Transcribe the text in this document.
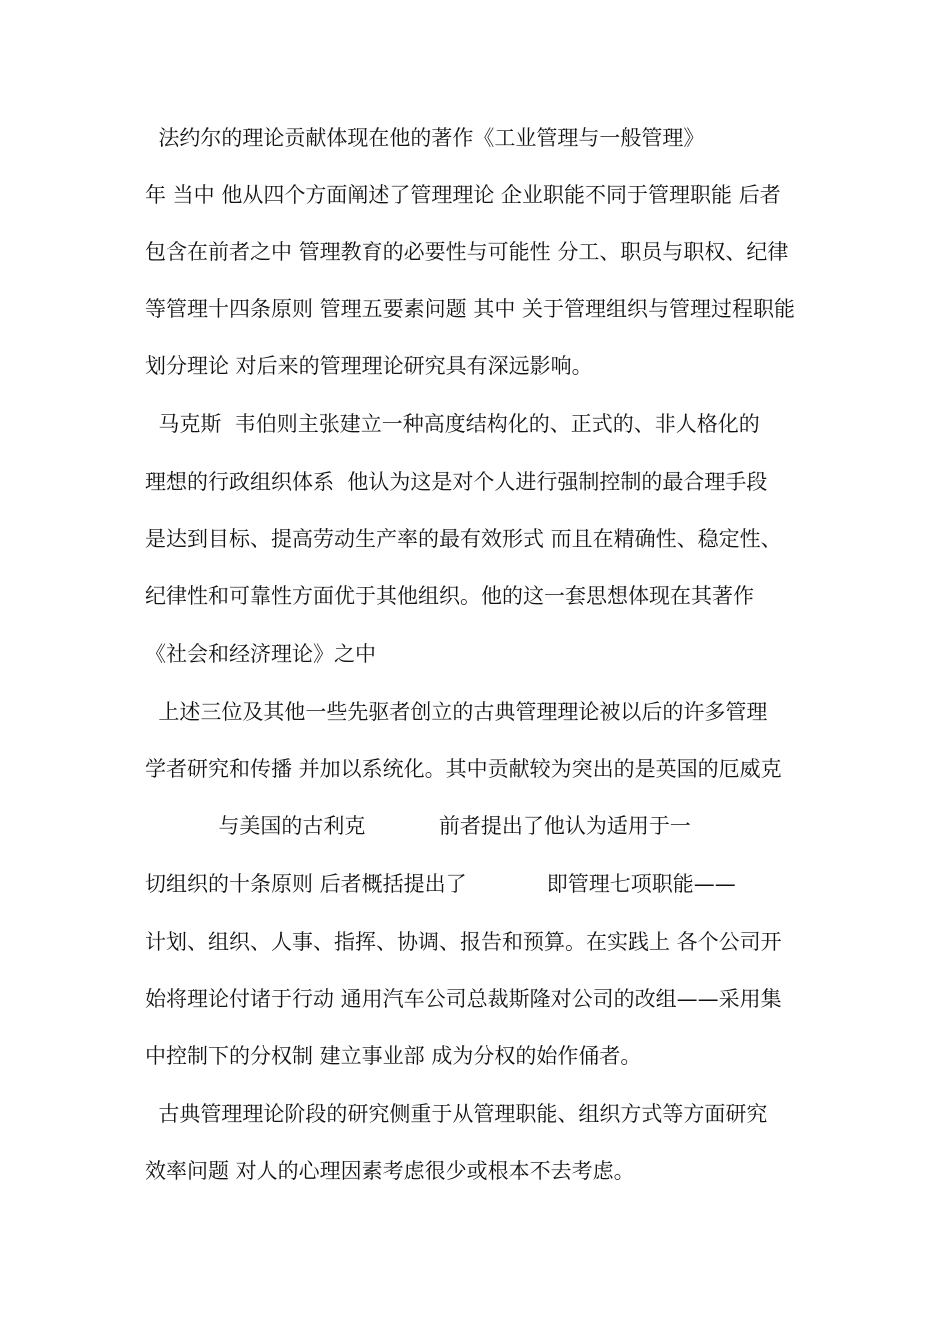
法约尔的理论贡献体现在他的著作《工业管理与一般管理》
年 当中 他从四个方面阐述了管理理论 企业职能不同于管理职能 后者
包含在前者之中 管理教育的必要性与可能性 分工、职员与职权、纪律
等管理十四条原则 管理五要素问题 其中 关于管理组织与管理过程职能
划分理论 对后来的管理理论研究具有深远影响。
马克斯  韦伯则主张建立一种高度结构化的、正式的、非人格化的
理想的行政组织体系  他认为这是对个人进行强制控制的最合理手段
是达到目标、提高劳动生产率的最有效形式 而且在精确性、稳定性、
纪律性和可靠性方面优于其他组织。他的这一套思想体现在其著作
《社会和经济理论》之中
上述三位及其他一些先驱者创立的古典管理理论被以后的许多管理
学者研究和传播 并加以系统化。其中贡献较为突出的是英国的厄威克
与美国的古利克           前者提出了他认为适用于一
切组织的十条原则 后者概括提出了            即管理七项职能——
计划、组织、人事、指挥、协调、报告和预算。在实践上 各个公司开
始将理论付诸于行动 通用汽车公司总裁斯隆对公司的改组——采用集
中控制下的分权制 建立事业部 成为分权的始作俑者。
古典管理理论阶段的研究侧重于从管理职能、组织方式等方面研究
效率问题 对人的心理因素考虑很少或根本不去考虑。
